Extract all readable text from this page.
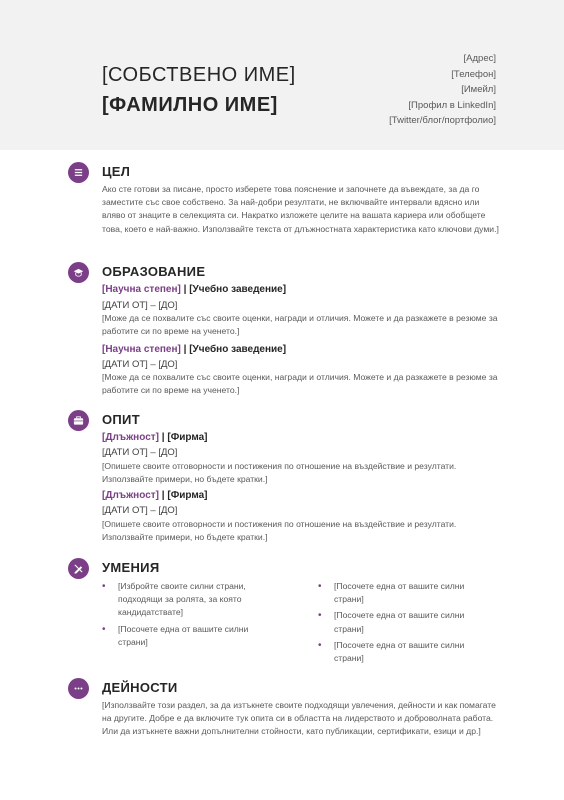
[СОБСТВЕНО ИМЕ]
[ФАМИЛНО ИМЕ]
[Адрес]
[Телефон]
[Имейл]
[Профил в LinkedIn]
[Twitter/блог/портфолио]
ЦЕЛ
Ако сте готови за писане, просто изберете това пояснение и започнете да въвеждате, за да го заместите със свое собствено. За най-добри резултати, не включвайте интервали вдясно или вляво от знаците в селекцията си. Накратко изложете целите на вашата кариера или обобщете това, което е най-важно. Използвайте текста от длъжностната характеристика като ключови думи.]
ОБРАЗОВАНИЕ
[Научна степен] | [Учебно заведение]
[ДАТИ ОТ] – [ДО]
[Може да се похвалите със своите оценки, награди и отличия. Можете и да разкажете в резюме за работите си по време на ученето.]
[Научна степен] | [Учебно заведение]
[ДАТИ ОТ] – [ДО]
[Може да се похвалите със своите оценки, награди и отличия. Можете и да разкажете в резюме за работите си по време на ученето.]
ОПИТ
[Длъжност] | [Фирма]
[ДАТИ ОТ] – [ДО]
[Опишете своите отговорности и постижения по отношение на въздействие и резултати. Използвайте примери, но бъдете кратки.]
[Длъжност] | [Фирма]
[ДАТИ ОТ] – [ДО]
[Опишете своите отговорности и постижения по отношение на въздействие и резултати. Използвайте примери, но бъдете кратки.]
УМЕНИЯ
• [Избройте своите силни страни, подходящи за ролята, за която кандидатствате]
• [Посочете една от вашите силни страни]
• [Посочете една от вашите силни страни]
• [Посочете една от вашите силни страни]
• [Посочете една от вашите силни страни]
ДЕЙНОСТИ
[Използвайте този раздел, за да изтъкнете своите подходящи увлечения, дейности и как помагате на другите. Добре е да включите тук опита си в областта на лидерството и доброволната работа. Или да изтъкнете важни допълнителни стойности, като публикации, сертификати, езици и др.]
